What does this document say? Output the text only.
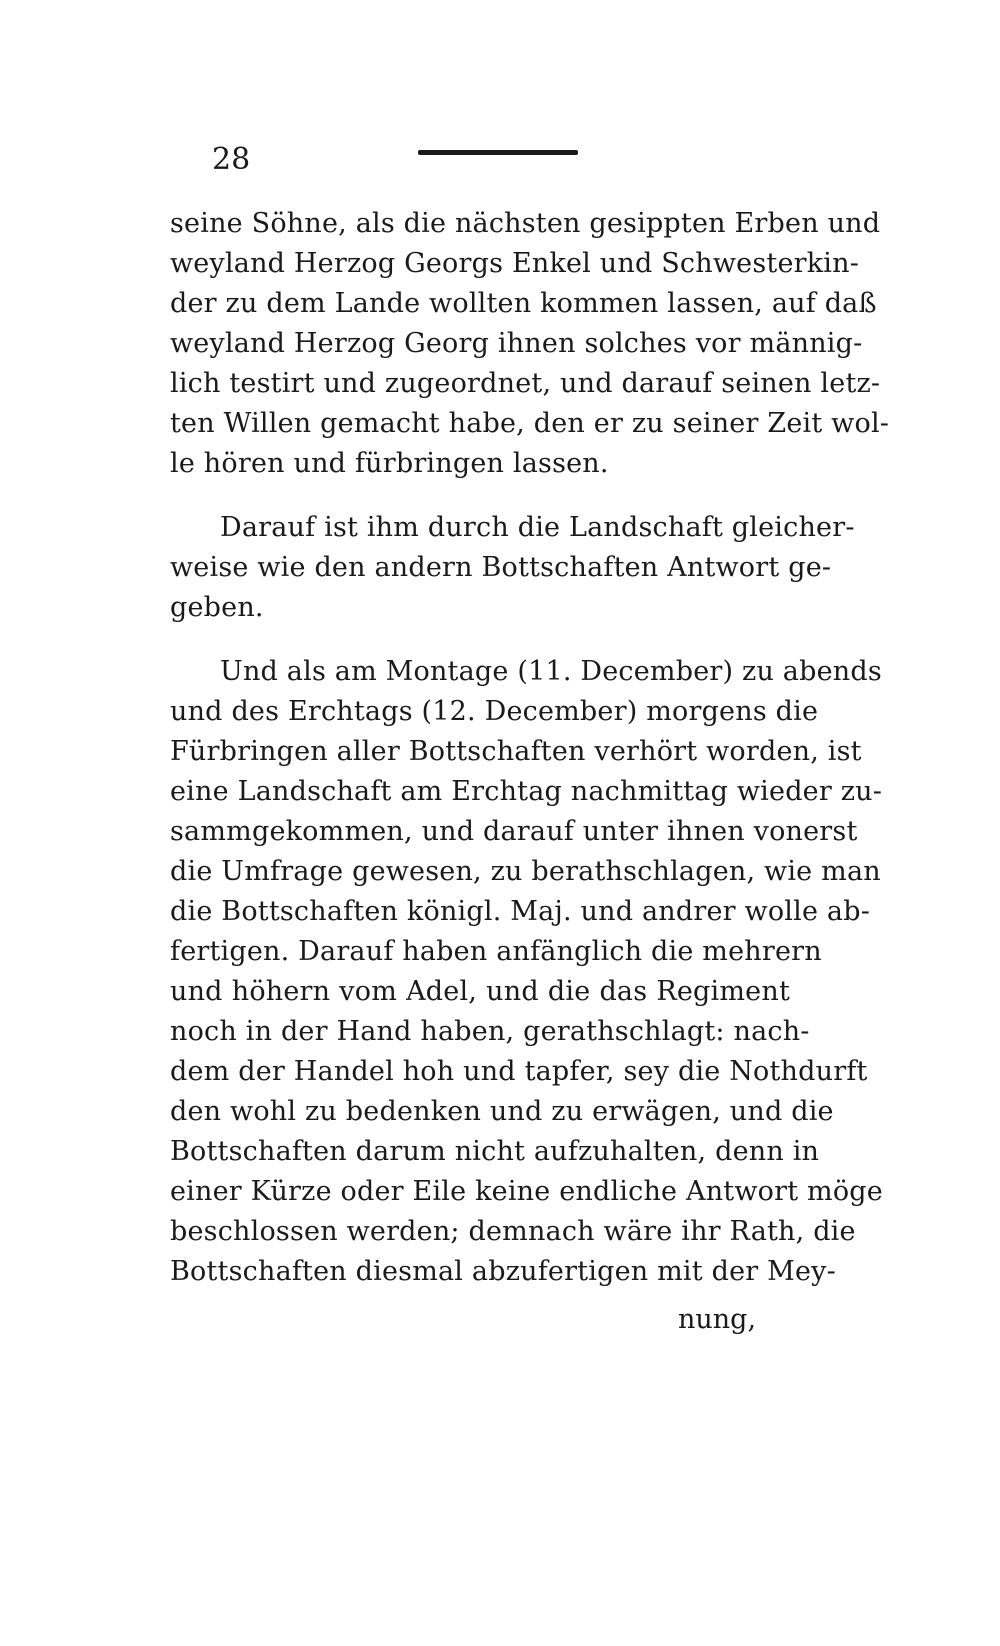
28
seine Söhne, als die nächsten gesippten Erben und
weyland Herzog Georgs Enkel und Schwesterkin-
der zu dem Lande wollten kommen lassen, auf daß
weyland Herzog Georg ihnen solches vor männig-
lich testirt und zugeordnet, und darauf seinen letz-
ten Willen gemacht habe, den er zu seiner Zeit wol-
le hören und fürbringen lassen.
Darauf ist ihm durch die Landschaft gleicher-
weise wie den andern Bottschaften Antwort ge-
geben.
Und als am Montage (11. December) zu abends
und des Erchtags (12. December) morgens die
Fürbringen aller Bottschaften verhört worden, ist
eine Landschaft am Erchtag nachmittag wieder zu-
sammgekommen, und darauf unter ihnen vonerst
die Umfrage gewesen, zu berathschlagen, wie man
die Bottschaften königl. Maj. und andrer wolle ab-
fertigen. Darauf haben anfänglich die mehrern
und höhern vom Adel, und die das Regiment
noch in der Hand haben, gerathschlagt: nach-
dem der Handel hoh und tapfer, sey die Nothdurft
den wohl zu bedenken und zu erwägen, und die
Bottschaften darum nicht aufzuhalten, denn in
einer Kürze oder Eile keine endliche Antwort möge
beschlossen werden; demnach wäre ihr Rath, die
Bottschaften diesmal abzufertigen mit der Mey-
nung,
